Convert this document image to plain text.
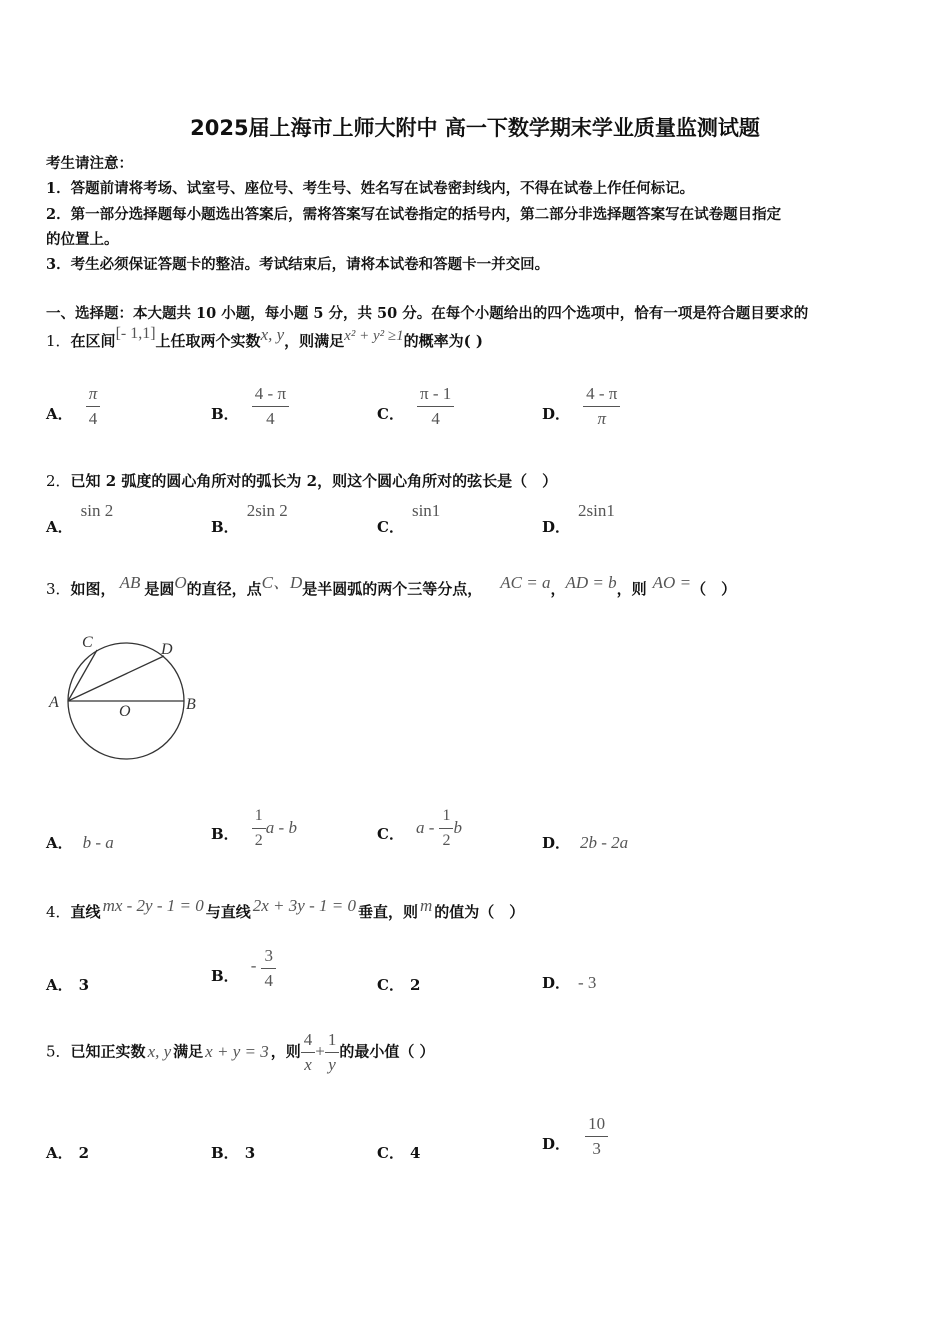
2025届上海市上师大附中 高一下数学期末学业质量监测试题
考生请注意：
1．答题前请将考场、试室号、座位号、考生号、姓名写在试卷密封线内，不得在试卷上作任何标记。
2．第一部分选择题每小题选出答案后，需将答案写在试卷指定的括号内，第二部分非选择题答案写在试卷题目指定
的位置上。
3．考生必须保证答题卡的整洁。考试结束后，请将本试卷和答题卡一并交回。
一、选择题：本大题共 10 小题，每小题 5 分，共 50 分。在每个小题给出的四个选项中，恰有一项是符合题目要求的
1．在区间[- 1,1]上任取两个实数x, y，则满足x² + y² ≥1的概率为( )
A． $\frac{\pi}{4}$	B． $\frac{4 - \pi}{4}$	C． $\frac{\pi - 1}{4}$	D． $\frac{4 - \pi}{\pi}$
2．已知 2 弧度的圆心角所对的弧长为 2，则这个圆心角所对的弦长是（　）
A．sin 2
B．2sin 2
C．sin1
D．2sin1
3．如图， AB 是圆O的直径，点C、D是半圆弧的两个三等分点， AC = a，AD = b，则 AO =（　）
A	B
C	D
O
A． b - a	B． $\frac{1}{2}$ a - b	C． a - $\frac{1}{2}$ b
D． 2b - 2a
4．直线 mx - 2y - 1 = 0 与直线 2x + 3y - 1 = 0 垂直，则 m 的值为（　）
A． 3	B．- $\frac{3}{4}$	C． 2	D． - 3
5．已知正实数 x, y 满足 x + y = 3 ，则 $\frac{4}{x} + \frac{1}{y}$ 的最小值（ ）
A． 2	B． 3	C． 4	D． $\frac{10}{3}$
